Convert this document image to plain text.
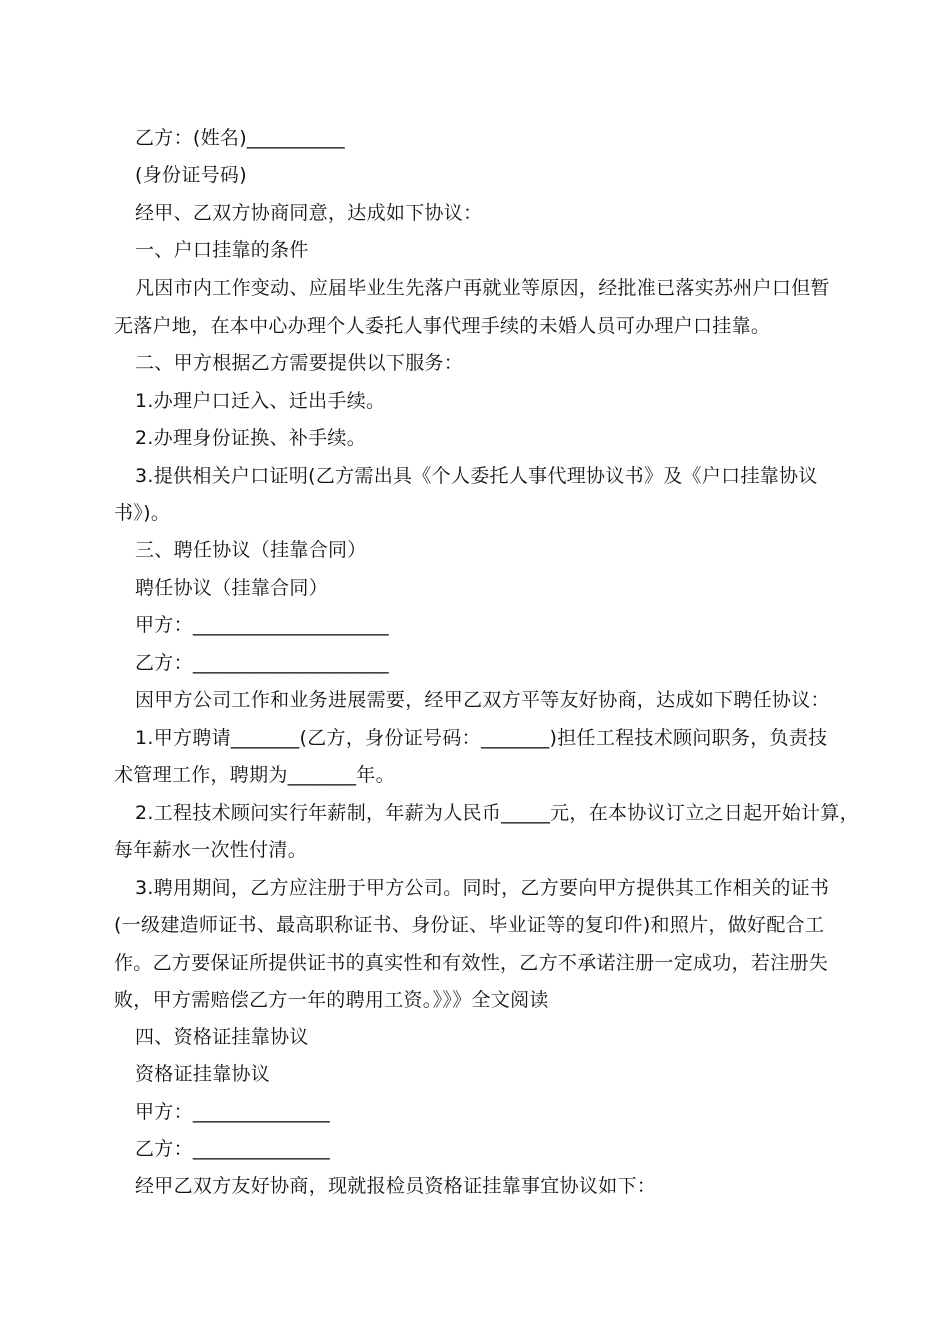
乙方：(姓名)__________
(身份证号码)
经甲、乙双方协商同意，达成如下协议：
一、户口挂靠的条件
凡因市内工作变动、应届毕业生先落户再就业等原因，经批准已落实苏州户口但暂
无落户地，在本中心办理个人委托人事代理手续的未婚人员可办理户口挂靠。
二、甲方根据乙方需要提供以下服务：
1.办理户口迁入、迁出手续。
2.办理身份证换、补手续。
3.提供相关户口证明(乙方需出具《个人委托人事代理协议书》及《户口挂靠协议
书》)。
三、聘任协议（挂靠合同）
聘任协议（挂靠合同）
甲方：____________________
乙方：____________________
因甲方公司工作和业务进展需要，经甲乙双方平等友好协商，达成如下聘任协议：
1.甲方聘请_______(乙方，身份证号码：_______)担任工程技术顾问职务，负责技
术管理工作，聘期为_______年。
2.工程技术顾问实行年薪制，年薪为人民币_____元，在本协议订立之日起开始计算，
每年薪水一次性付清。
3.聘用期间，乙方应注册于甲方公司。同时，乙方要向甲方提供其工作相关的证书
(一级建造师证书、最高职称证书、身份证、毕业证等的复印件)和照片，做好配合工
作。乙方要保证所提供证书的真实性和有效性，乙方不承诺注册一定成功，若注册失
败，甲方需赔偿乙方一年的聘用工资。》》》全文阅读
四、资格证挂靠协议
资格证挂靠协议
甲方：______________
乙方：______________
经甲乙双方友好协商，现就报检员资格证挂靠事宜协议如下：
